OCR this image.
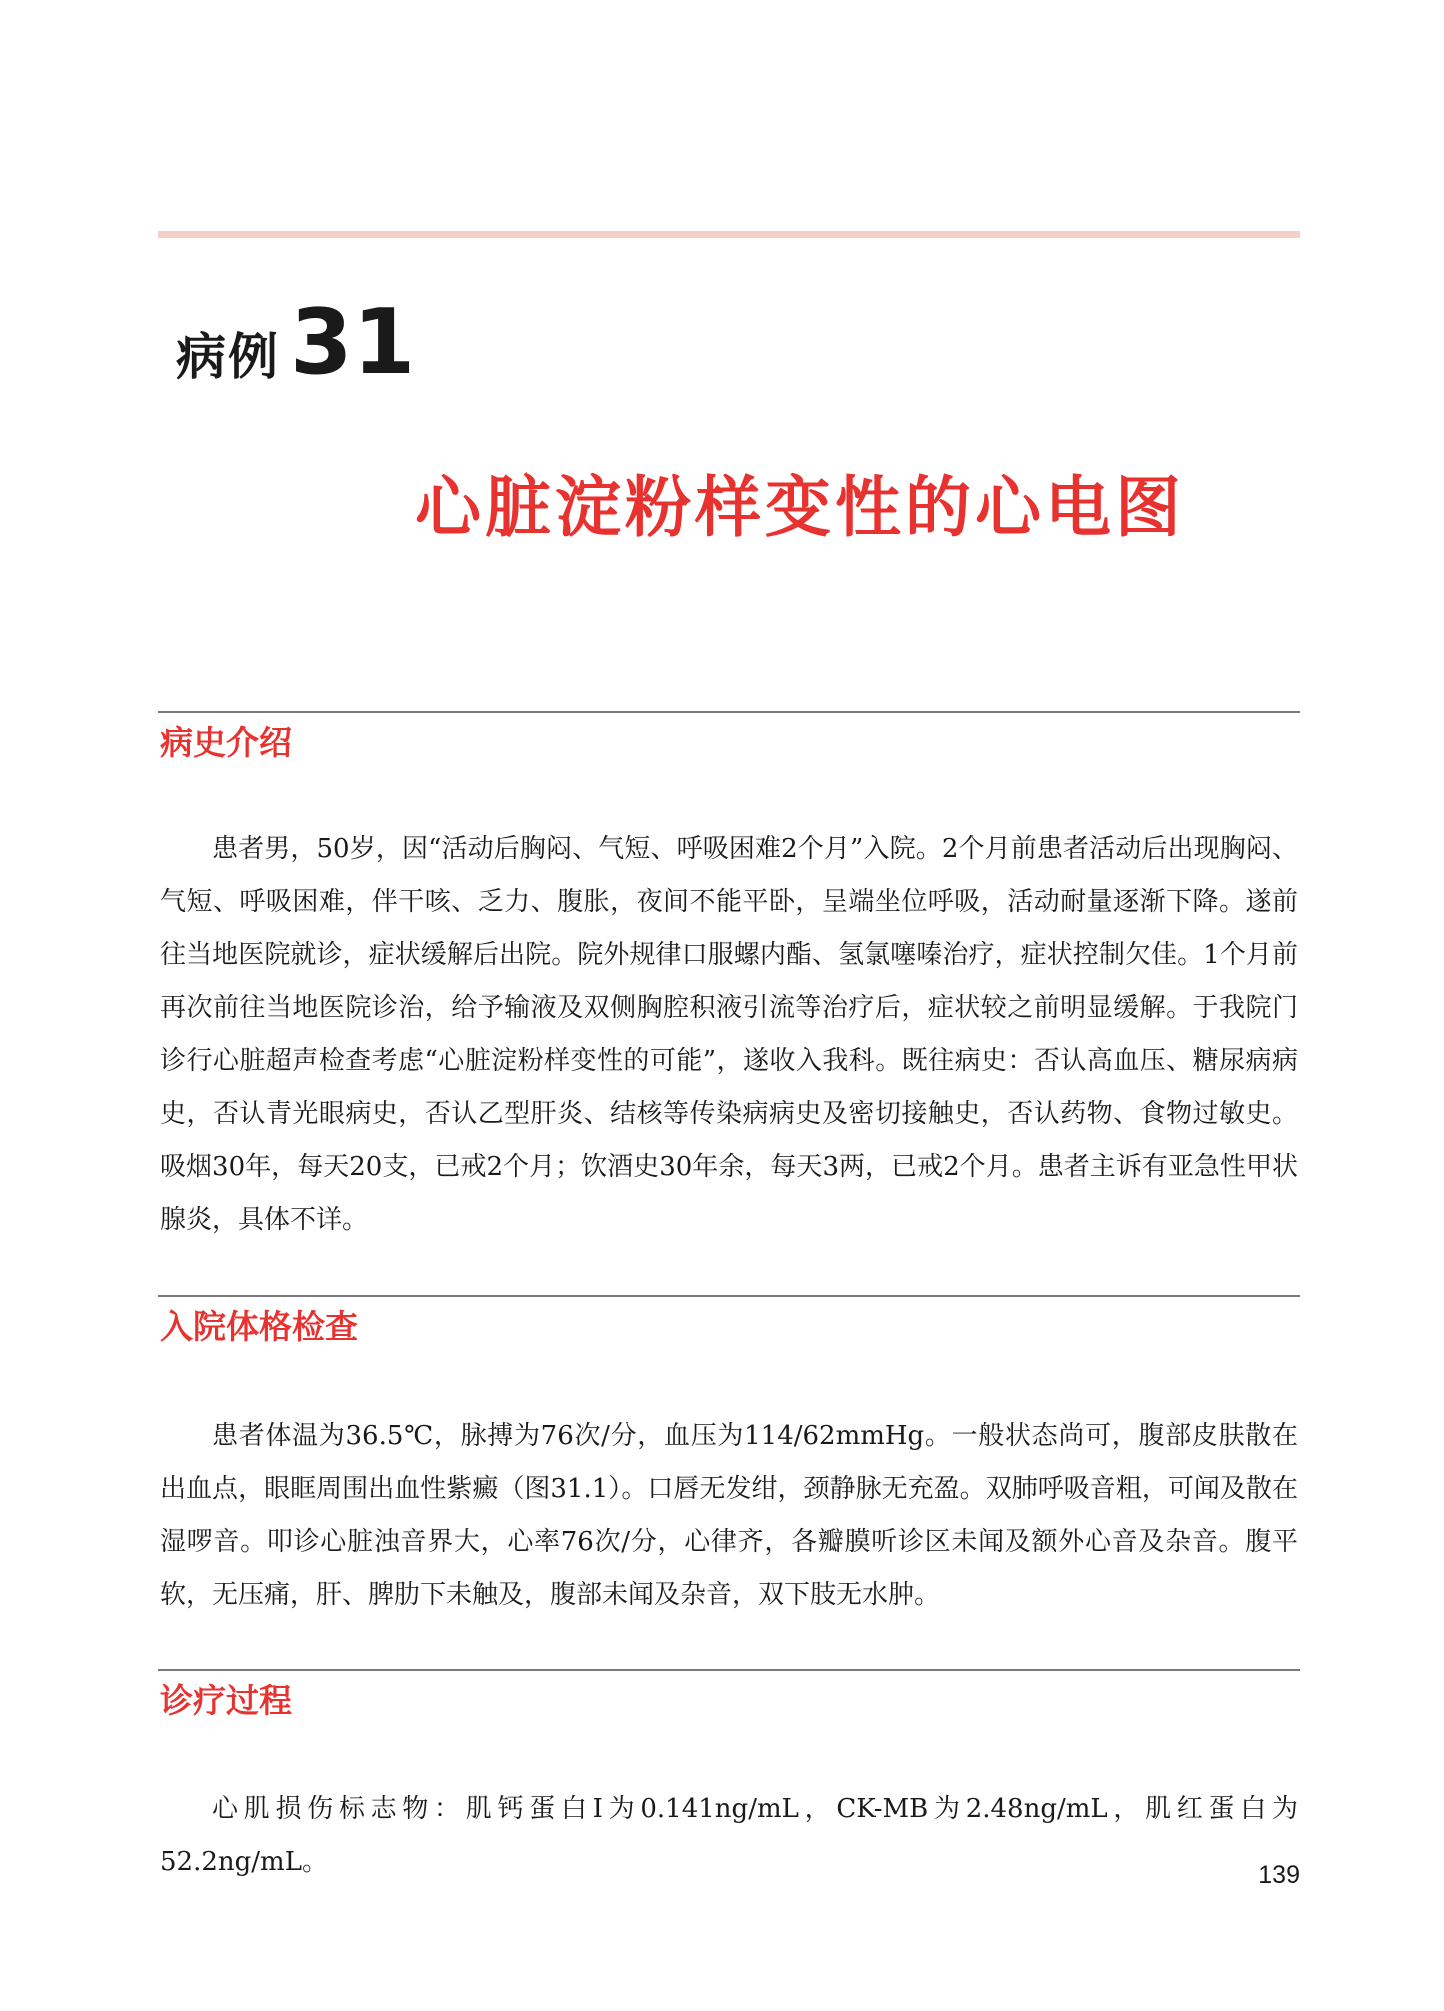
病例 31
心脏淀粉样变性的心电图
病史介绍

患者男，50岁，因“活动后胸闷、气短、呼吸困难2个月”入院。2个月前患者活动后出现胸闷、气短、呼吸困难，伴干咳、乏力、腹胀，夜间不能平卧，呈端坐位呼吸，活动耐量逐渐下降。遂前往当地医院就诊，症状缓解后出院。院外规律口服螺内酯、氢氯噻嗪治疗，症状控制欠佳。1个月前再次前往当地医院诊治，给予输液及双侧胸腔积液引流等治疗后，症状较之前明显缓解。于我院门诊行心脏超声检查考虑“心脏淀粉样变性的可能”，遂收入我科。既往病史：否认高血压、糖尿病病史，否认青光眼病史，否认乙型肝炎、结核等传染病病史及密切接触史，否认药物、食物过敏史。吸烟30年，每天20支，已戒2个月；饮酒史30年余，每天3两，已戒2个月。患者主诉有亚急性甲状腺炎，具体不详。

入院体格检查

患者体温为36.5℃，脉搏为76次/分，血压为114/62mmHg。一般状态尚可，腹部皮肤散在出血点，眼眶周围出血性紫癜（图31.1）。口唇无发绀，颈静脉无充盈。双肺呼吸音粗，可闻及散在湿啰音。叩诊心脏浊音界大，心率76次/分，心律齐，各瓣膜听诊区未闻及额外心音及杂音。腹平软，无压痛，肝、脾肋下未触及，腹部未闻及杂音，双下肢无水肿。

诊疗过程

心肌损伤标志物：肌钙蛋白I为0.141ng/mL，CK-MB为2.48ng/mL，肌红蛋白为52.2ng/mL。	139
